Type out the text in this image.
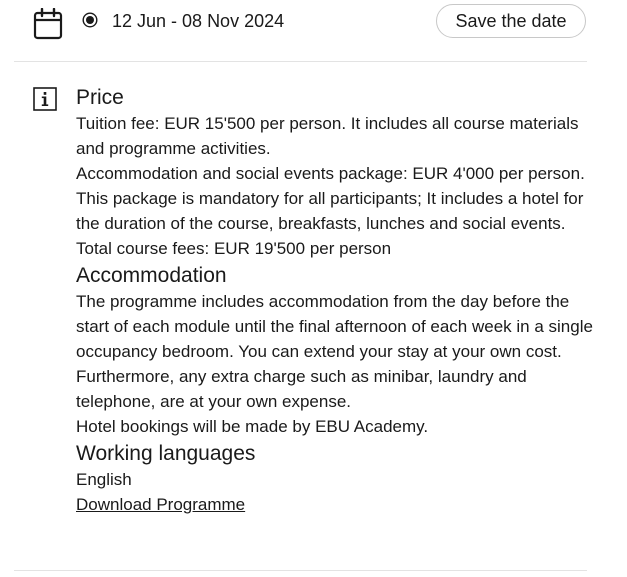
12 Jun - 08 Nov 2024	Save the date
Price

Tuition fee: EUR 15'500 per person. It includes all course materials and programme activities.

Accommodation and social events package: EUR 4'000 per person. This package is mandatory for all participants; It includes a hotel for the duration of the course, breakfasts, lunches and social events.

Total course fees: EUR 19'500 per person

Accommodation

The programme includes accommodation from the day before the start of each module until the final afternoon of each week in a single occupancy bedroom. You can extend your stay at your own cost. Furthermore, any extra charge such as minibar, laundry and telephone, are at your own expense.

Hotel bookings will be made by EBU Academy.

Working languages

English

Download Programme
